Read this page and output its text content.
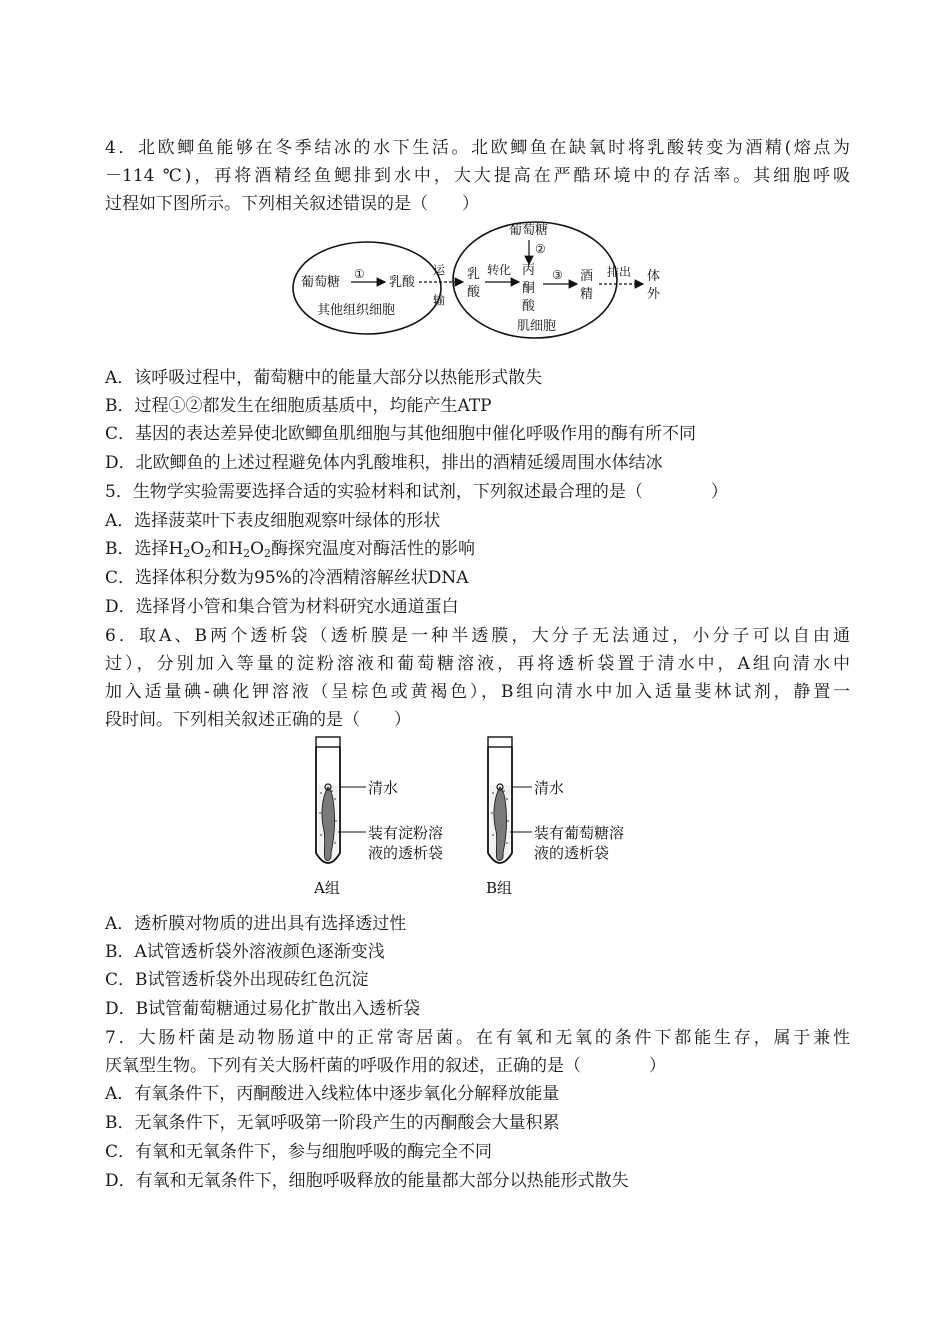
4．北欧鲫鱼能够在冬季结冰的水下生活。北欧鲫鱼在缺氧时将乳酸转变为酒精(熔点为
－114 ℃)，再将酒精经鱼鳃排到水中，大大提高在严酷环境中的存活率。其细胞呼吸
过程如下图所示。下列相关叙述错误的是（　　）
葡萄糖
①
乳酸
其他组织细胞
运
输
葡萄糖
②
乳
酸
转化 丙
酮
酸
③ 酒
精
肌细胞
排出 体
外
A．该呼吸过程中，葡萄糖中的能量大部分以热能形式散失
B．过程①②都发生在细胞质基质中，均能产生ATP
C．基因的表达差异使北欧鲫鱼肌细胞与其他细胞中催化呼吸作用的酶有所不同
D．北欧鲫鱼的上述过程避免体内乳酸堆积，排出的酒精延缓周围水体结冰
5．生物学实验需要选择合适的实验材料和试剂，下列叙述最合理的是（　　　　）
A．选择菠菜叶下表皮细胞观察叶绿体的形状
B．选择$H_2O_2$和$H_2O_2$酶探究温度对酶活性的影响
C．选择体积分数为95%的冷酒精溶解丝状DNA
D．选择肾小管和集合管为材料研究水通道蛋白
6．取A、B两个透析袋（透析膜是一种半透膜，大分子无法通过，小分子可以自由通
过），分别加入等量的淀粉溶液和葡萄糖溶液，再将透析袋置于清水中，A组向清水中
加入适量碘-碘化钾溶液（呈棕色或黄褐色），B组向清水中加入适量斐林试剂，静置一
段时间。下列相关叙述正确的是（　　）
清水
装有淀粉溶
液的透析袋
A组
清水
装有葡萄糖溶
液的透析袋
B组
A．透析膜对物质的进出具有选择透过性
B．A试管透析袋外溶液颜色逐渐变浅
C．B试管透析袋外出现砖红色沉淀
D．B试管葡萄糖通过易化扩散出入透析袋
7．大肠杆菌是动物肠道中的正常寄居菌。在有氧和无氧的条件下都能生存，属于兼性
厌氧型生物。下列有关大肠杆菌的呼吸作用的叙述，正确的是（　　　　）
A．有氧条件下，丙酮酸进入线粒体中逐步氧化分解释放能量
B．无氧条件下，无氧呼吸第一阶段产生的丙酮酸会大量积累
C．有氧和无氧条件下，参与细胞呼吸的酶完全不同
D．有氧和无氧条件下，细胞呼吸释放的能量都大部分以热能形式散失
